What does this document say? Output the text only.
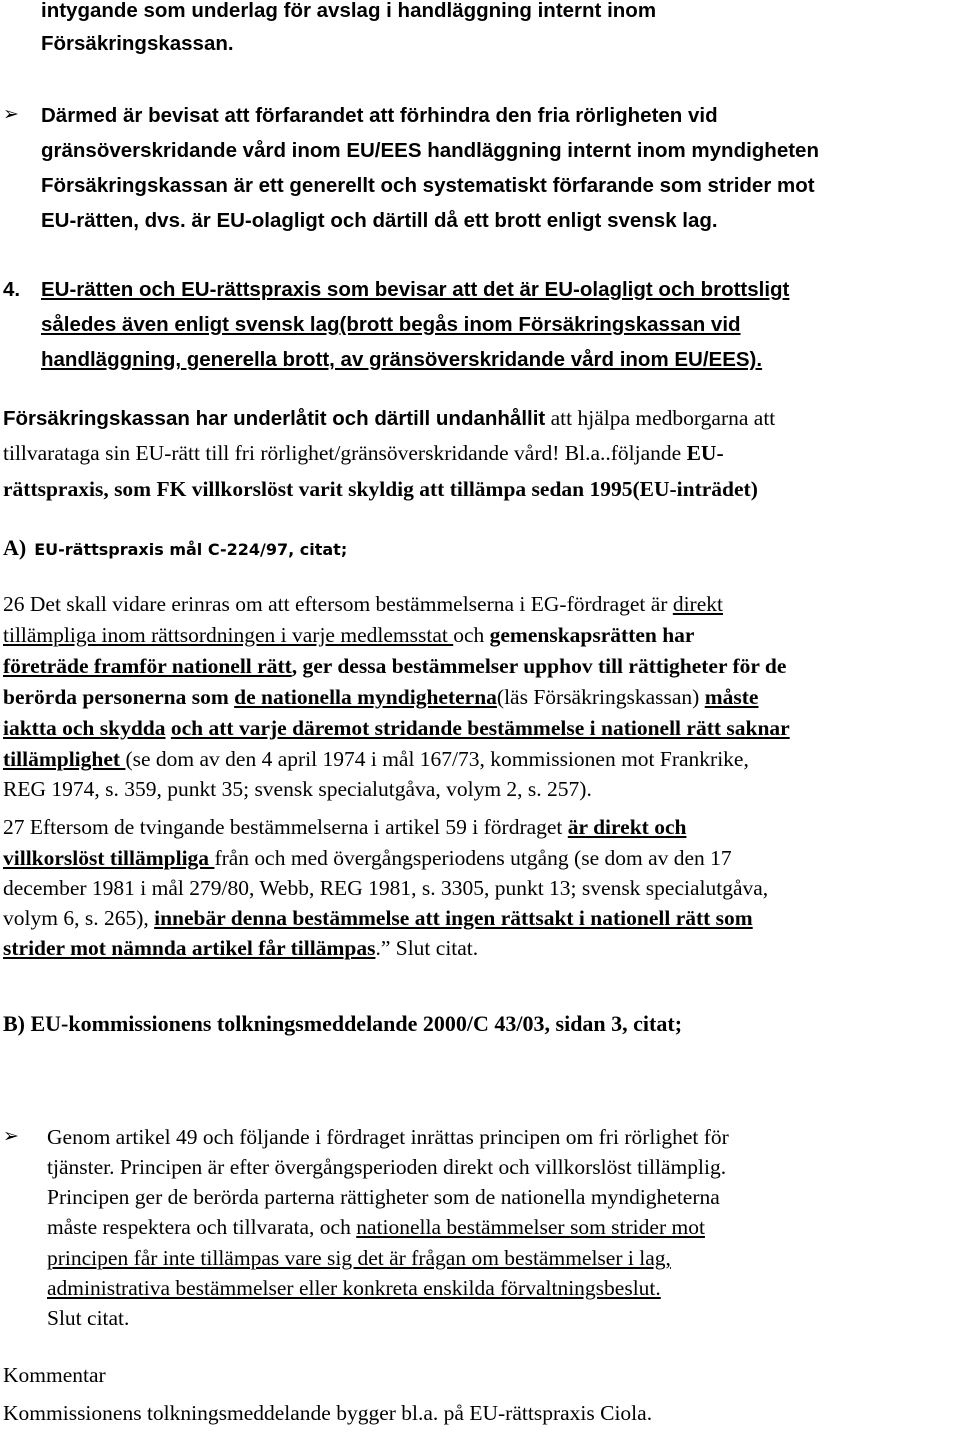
intygande som underlag för avslag i handläggning internt inom
Försäkringskassan.
➢ Därmed är bevisat att förfarandet att förhindra den fria rörligheten vid
gränsöverskridande vård inom EU/EES handläggning internt inom myndigheten
Försäkringskassan är ett generellt och systematiskt förfarande som strider mot
EU-rätten, dvs. är EU-olagligt och därtill då ett brott enligt svensk lag.
4. EU-rätten och EU-rättspraxis som bevisar att det är EU-olagligt och brottsligt
således även enligt svensk lag(brott begås inom Försäkringskassan vid
handläggning, generella brott, av gränsöverskridande vård inom EU/EES).
Försäkringskassan har underlåtit och därtill undanhållit att hjälpa medborgarna att
tillvarataga sin EU-rätt till fri rörlighet/gränsöverskridande vård! Bl.a..följande EU-
rättspraxis, som FK villkorslöst varit skyldig att tillämpa sedan 1995(EU-inträdet)
A) EU-rättspraxis mål C-224/97, citat;
26 Det skall vidare erinras om att eftersom bestämmelserna i EG-fördraget är direkt
tillämpliga inom rättsordningen i varje medlemsstat och gemenskapsrätten har
företräde framför nationell rätt, ger dessa bestämmelser upphov till rättigheter för de
berörda personerna som de nationella myndigheterna(läs Försäkringskassan) måste
iaktta och skydda och att varje däremot stridande bestämmelse i nationell rätt saknar
tillämplighet (se dom av den 4 april 1974 i mål 167/73, kommissionen mot Frankrike,
REG 1974, s. 359, punkt 35; svensk specialutgåva, volym 2, s. 257).
27 Eftersom de tvingande bestämmelserna i artikel 59 i fördraget är direkt och
villkorslöst tillämpliga från och med övergångsperiodens utgång (se dom av den 17
december 1981 i mål 279/80, Webb, REG 1981, s. 3305, punkt 13; svensk specialutgåva,
volym 6, s. 265), innebär denna bestämmelse att ingen rättsakt i nationell rätt som
strider mot nämnda artikel får tillämpas.” Slut citat.
B) EU-kommissionens tolkningsmeddelande 2000/C 43/03, sidan 3, citat;
➢ Genom artikel 49 och följande i fördraget inrättas principen om fri rörlighet för
tjänster. Principen är efter övergångsperioden direkt och villkorslöst tillämplig.
Principen ger de berörda parterna rättigheter som de nationella myndigheterna
måste respektera och tillvarata, och nationella bestämmelser som strider mot
principen får inte tillämpas vare sig det är frågan om bestämmelser i lag,
administrativa bestämmelser eller konkreta enskilda förvaltningsbeslut.
Slut citat.
Kommentar
Kommissionens tolkningsmeddelande bygger bl.a. på EU-rättspraxis Ciola.
